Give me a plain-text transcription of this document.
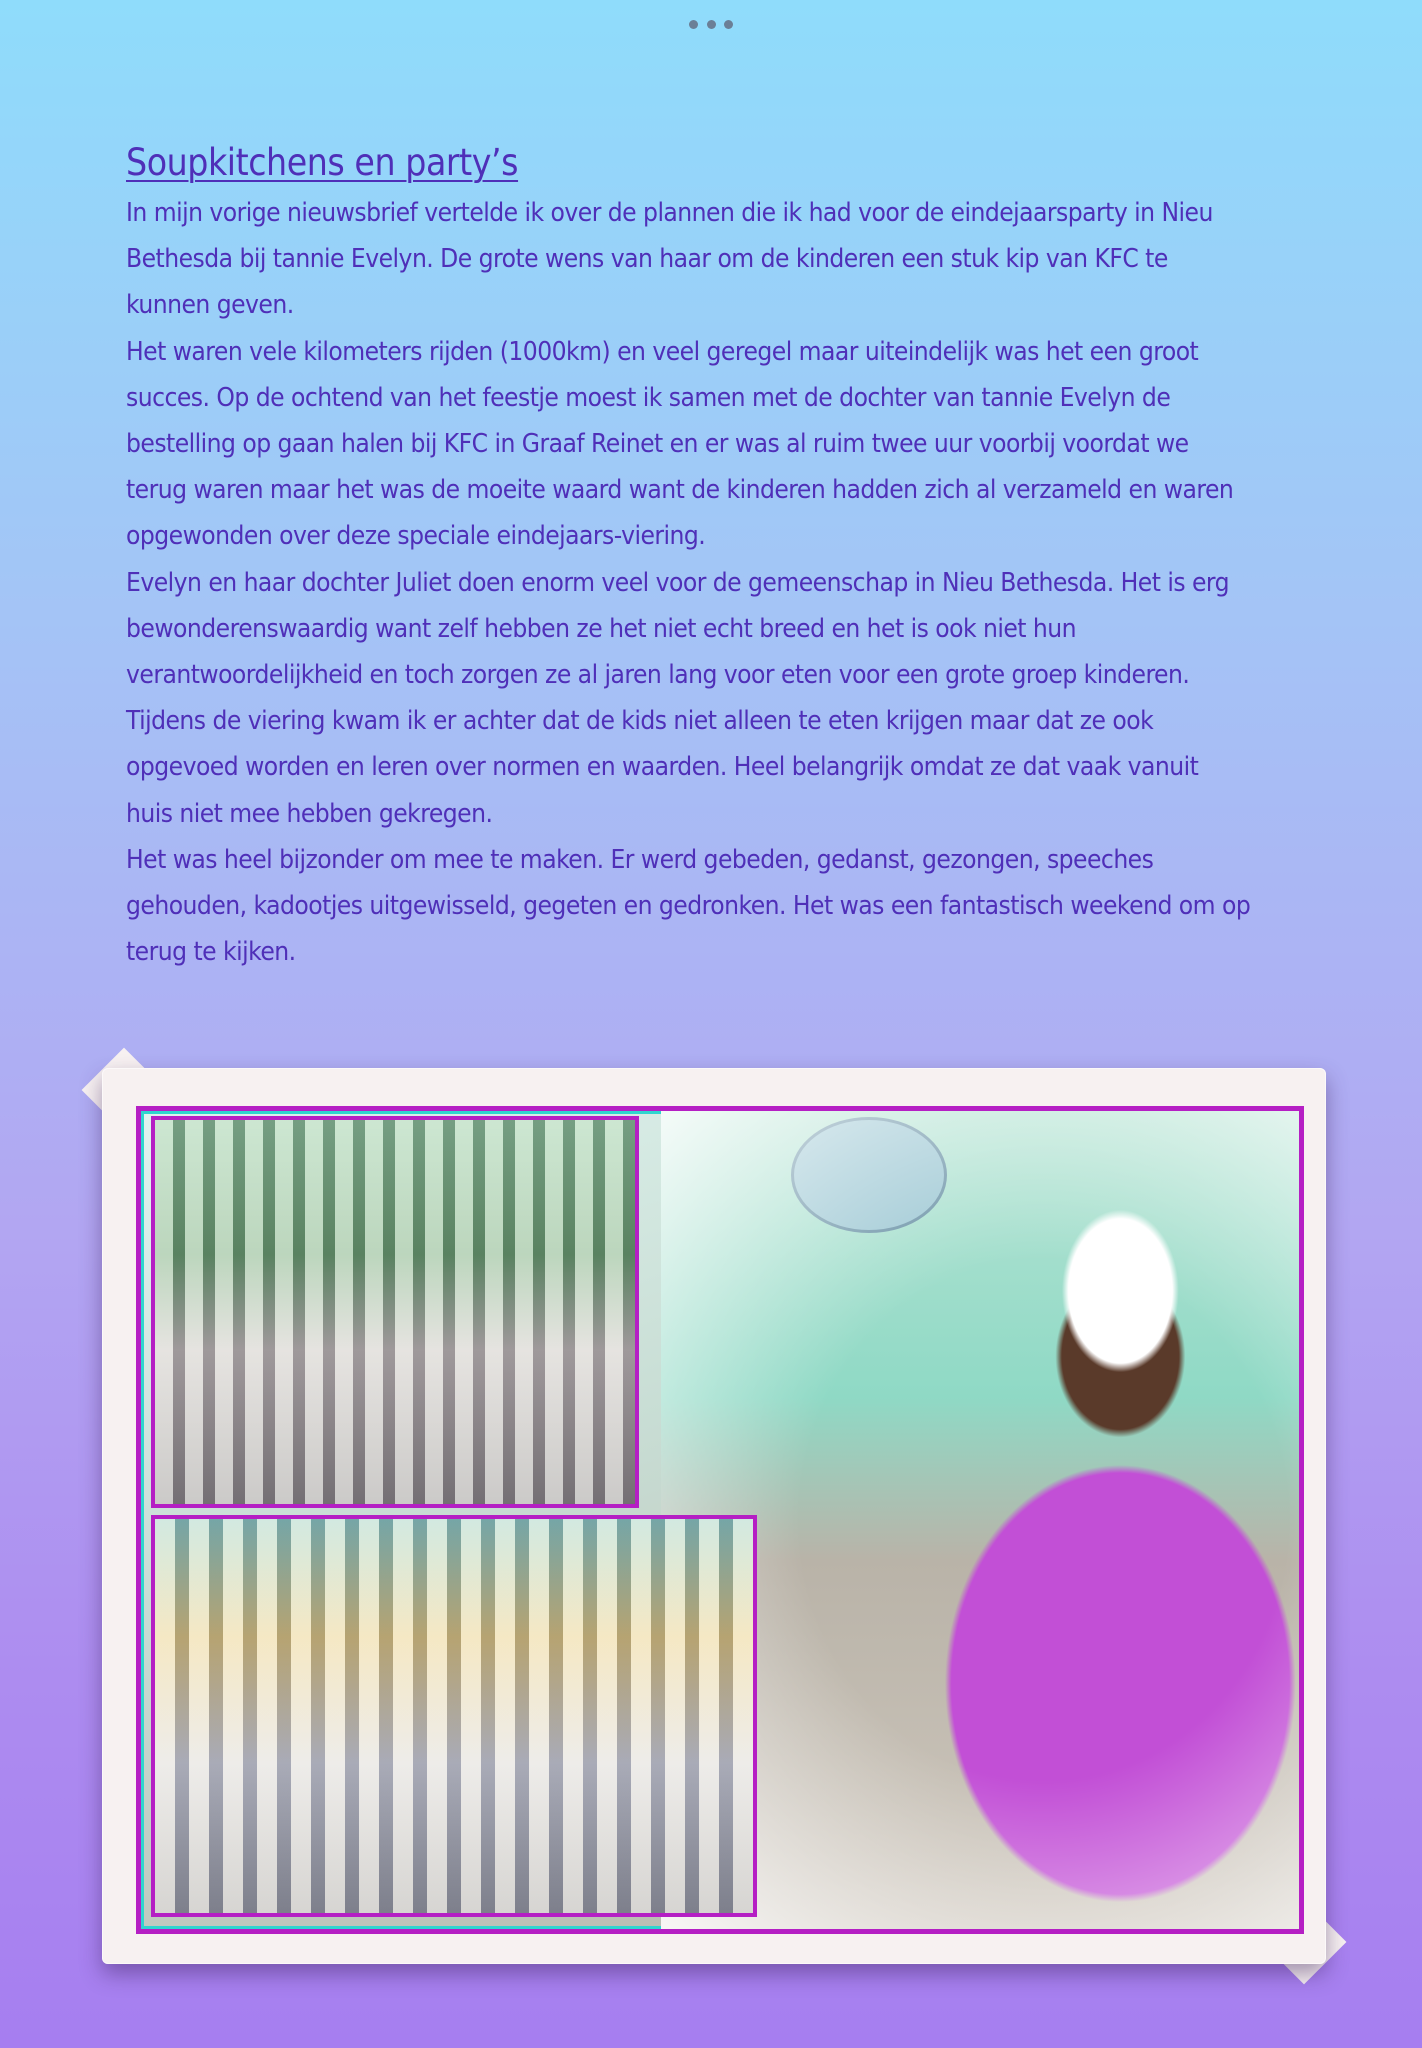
Soupkitchens en party’s

In mijn vorige nieuwsbrief vertelde ik over de plannen die ik had voor de eindejaarsparty in Nieu
Bethesda bij tannie Evelyn. De grote wens van haar om de kinderen een stuk kip van KFC te
kunnen geven.

Het waren vele kilometers rijden (1000km) en veel geregel maar uiteindelijk was het een groot
succes. Op de ochtend van het feestje moest ik samen met de dochter van tannie Evelyn de
bestelling op gaan halen bij KFC in Graaf Reinet en er was al ruim twee uur voorbij voordat we
terug waren maar het was de moeite waard want de kinderen hadden zich al verzameld en waren
opgewonden over deze speciale eindejaars-viering.

Evelyn en haar dochter Juliet doen enorm veel voor de gemeenschap in Nieu Bethesda. Het is erg
bewonderenswaardig want zelf hebben ze het niet echt breed en het is ook niet hun
verantwoordelijkheid en toch zorgen ze al jaren lang voor eten voor een grote groep kinderen.
Tijdens de viering kwam ik er achter dat de kids niet alleen te eten krijgen maar dat ze ook
opgevoed worden en leren over normen en waarden. Heel belangrijk omdat ze dat vaak vanuit
huis niet mee hebben gekregen.

Het was heel bijzonder om mee te maken. Er werd gebeden, gedanst, gezongen, speeches
gehouden, kadootjes uitgewisseld, gegeten en gedronken. Het was een fantastisch weekend om op
terug te kijken.
